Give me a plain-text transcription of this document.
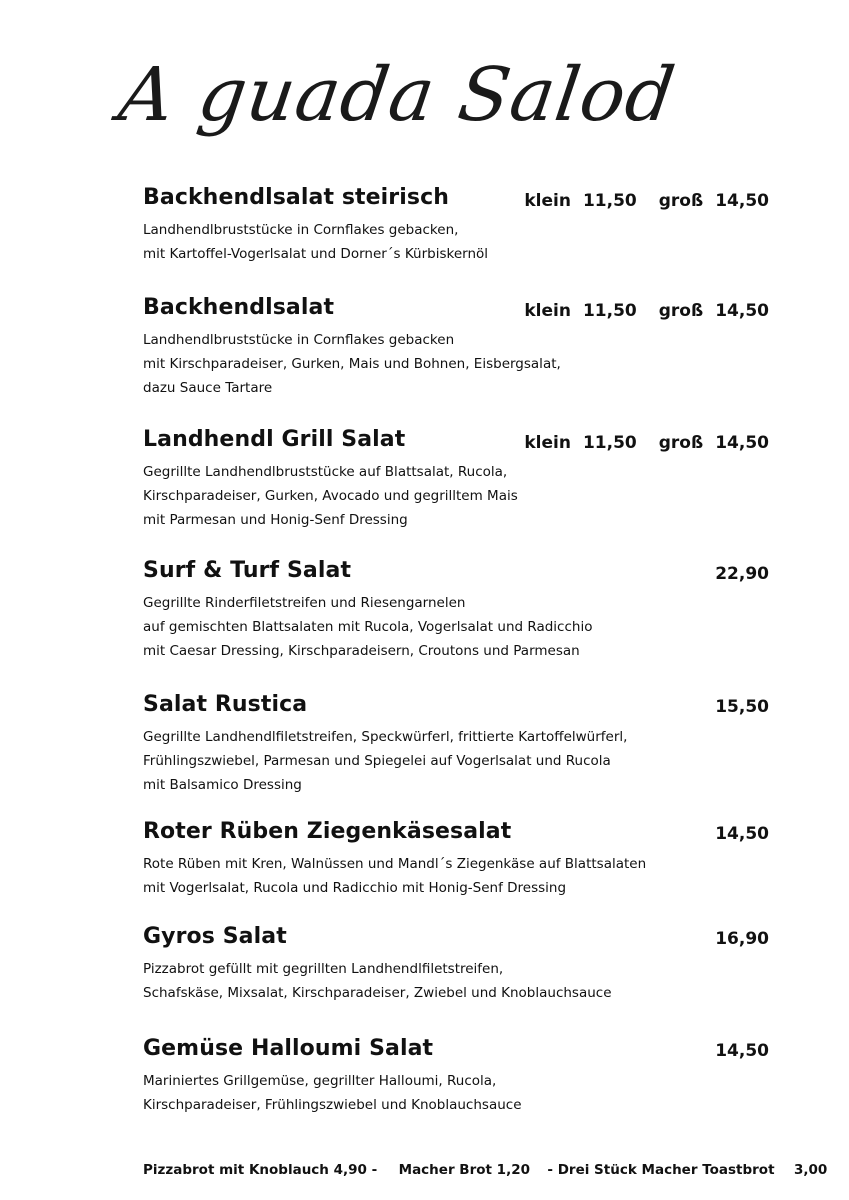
A guada Salod
Backhendlsalat steirisch
Landhendlbruststücke in Cornflakes gebacken,
mit Kartoffel-Vogerlsalat und Dorner´s Kürbiskernöl
klein 11,50 groß 14,50
Backhendlsalat
Landhendlbruststücke in Cornflakes gebacken
mit Kirschparadeiser, Gurken, Mais und Bohnen, Eisbergsalat,
dazu Sauce Tartare
klein 11,50 groß 14,50
Landhendl Grill Salat
Gegrillte Landhendlbruststücke auf Blattsalat, Rucola,
Kirschparadeiser, Gurken, Avocado und gegrilltem Mais
mit Parmesan und Honig-Senf Dressing
klein 11,50 groß 14,50
Surf & Turf Salat
Gegrillte Rinderfiletstreifen und Riesengarnelen
auf gemischten Blattsalaten mit Rucola, Vogerlsalat und Radicchio
mit Caesar Dressing, Kirschparadeisern, Croutons und Parmesan
22,90
Salat Rustica
Gegrillte Landhendlfiletstreifen, Speckwürferl, frittierte Kartoffelwürferl,
Frühlingszwiebel, Parmesan und Spiegelei auf Vogerlsalat und Rucola
mit Balsamico Dressing
15,50
Roter Rüben Ziegenkäsesalat
Rote Rüben mit Kren, Walnüssen und Mandl´s Ziegenkäse auf Blattsalaten
mit Vogerlsalat, Rucola und Radicchio mit Honig-Senf Dressing
14,50
Gyros Salat
Pizzabrot gefüllt mit gegrillten Landhendlfiletstreifen,
Schafskäse, Mixsalat, Kirschparadeiser, Zwiebel und Knoblauchsauce
16,90
Gemüse Halloumi Salat
Mariniertes Grillgemüse, gegrillter Halloumi, Rucola,
Kirschparadeiser, Frühlingszwiebel und Knoblauchsauce
14,50
Pizzabrot mit Knoblauch 4,90 - Macher Brot 1,20 - Drei Stück Macher Toastbrot 3,00
